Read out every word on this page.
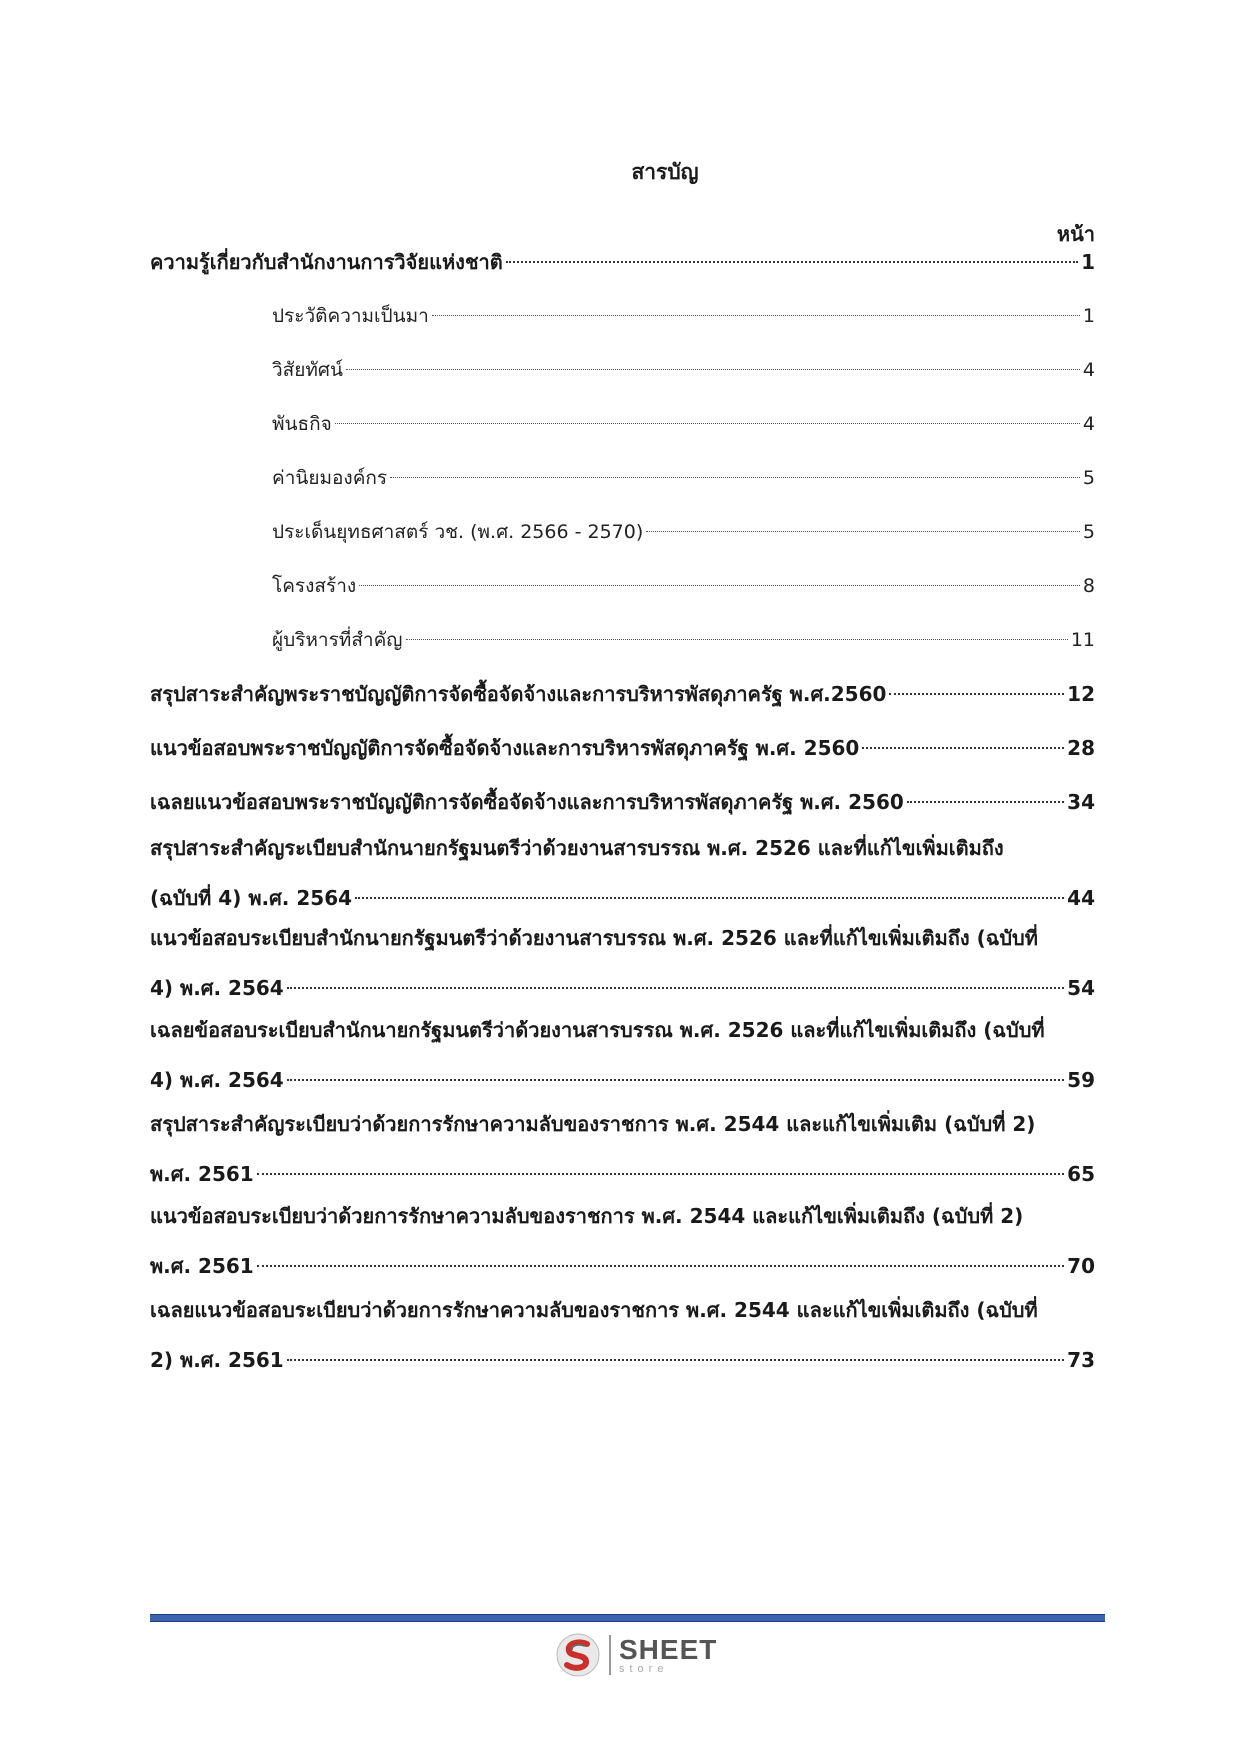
สารบัญ
หน้า
ความรู้เกี่ยวกับสำนักงานการวิจัยแห่งชาติ	1
ประวัติความเป็นมา	1
วิสัยทัศน์	4
พันธกิจ	4
ค่านิยมองค์กร	5
ประเด็นยุทธศาสตร์ วช. (พ.ศ. 2566 - 2570)	5
โครงสร้าง	8
ผู้บริหารที่สำคัญ	11
สรุปสาระสำคัญพระราชบัญญัติการจัดซื้อจัดจ้างและการบริหารพัสดุภาครัฐ พ.ศ.2560	12
แนวข้อสอบพระราชบัญญัติการจัดซื้อจัดจ้างและการบริหารพัสดุภาครัฐ พ.ศ. 2560	28
เฉลยแนวข้อสอบพระราชบัญญัติการจัดซื้อจัดจ้างและการบริหารพัสดุภาครัฐ พ.ศ. 2560	34
สรุปสาระสำคัญระเบียบสำนักนายกรัฐมนตรีว่าด้วยงานสารบรรณ พ.ศ. 2526 และที่แก้ไขเพิ่มเติมถึง
(ฉบับที่ 4) พ.ศ. 2564	44
แนวข้อสอบระเบียบสำนักนายกรัฐมนตรีว่าด้วยงานสารบรรณ พ.ศ. 2526 และที่แก้ไขเพิ่มเติมถึง (ฉบับที่
4) พ.ศ. 2564	54
เฉลยข้อสอบระเบียบสำนักนายกรัฐมนตรีว่าด้วยงานสารบรรณ พ.ศ. 2526 และที่แก้ไขเพิ่มเติมถึง (ฉบับที่
4) พ.ศ. 2564	59
สรุปสาระสำคัญระเบียบว่าด้วยการรักษาความลับของราชการ พ.ศ. 2544 และแก้ไขเพิ่มเติม (ฉบับที่ 2)
พ.ศ. 2561	65
แนวข้อสอบระเบียบว่าด้วยการรักษาความลับของราชการ พ.ศ. 2544 และแก้ไขเพิ่มเติมถึง (ฉบับที่ 2)
พ.ศ. 2561	70
เฉลยแนวข้อสอบระเบียบว่าด้วยการรักษาความลับของราชการ พ.ศ. 2544 และแก้ไขเพิ่มเติมถึง (ฉบับที่
2) พ.ศ. 2561	73
SHEET
store
